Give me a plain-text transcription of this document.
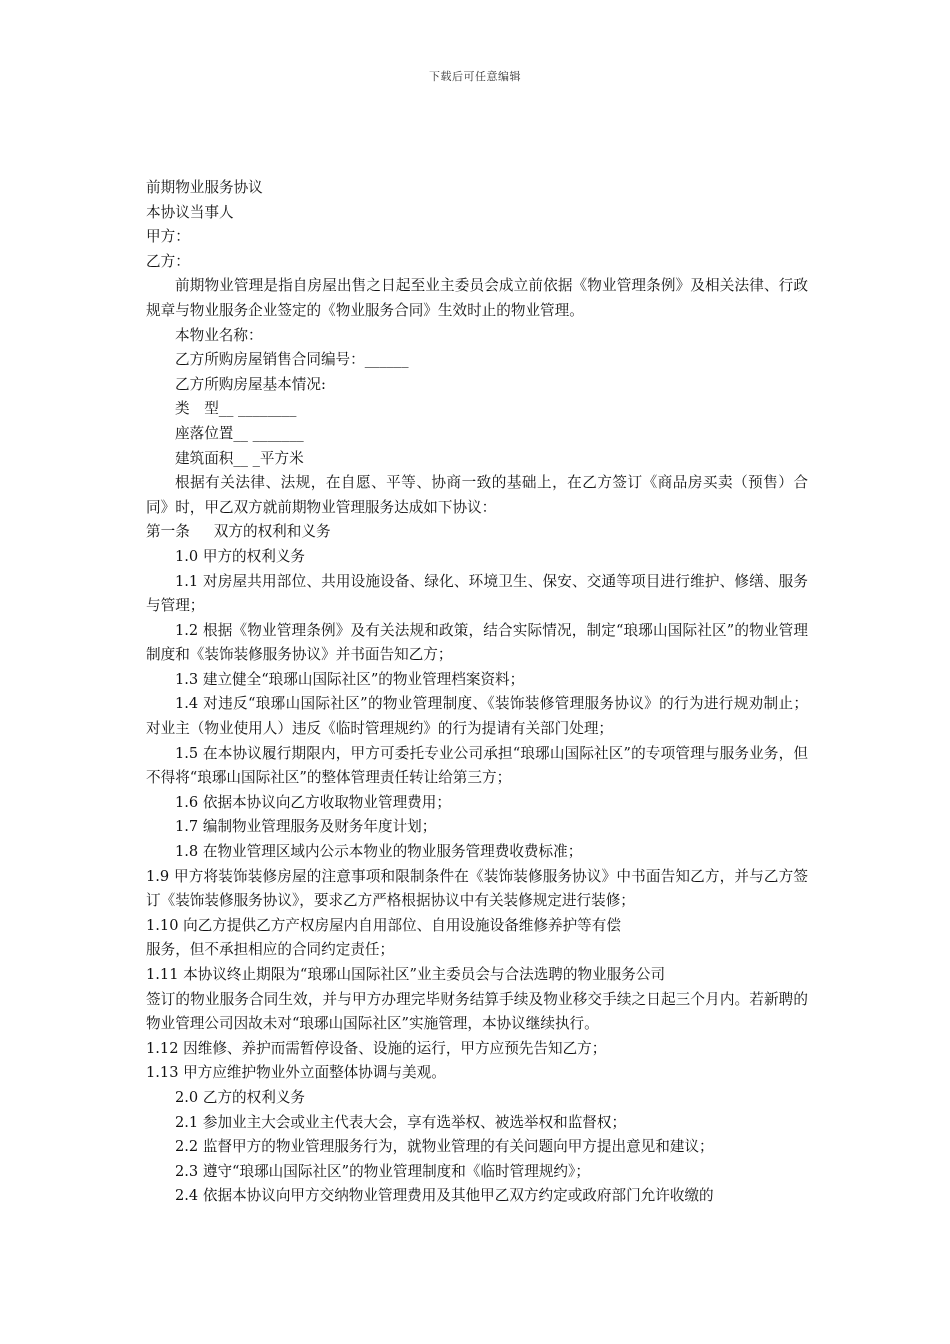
下载后可任意编辑
前期物业服务协议
本协议当事人
甲方：
乙方：
前期物业管理是指自房屋出售之日起至业主委员会成立前依据《物业管理条例》及相关法律、行政规章与物业服务企业签定的《物业服务合同》生效时止的物业管理。
本物业名称：
乙方所购房屋销售合同编号：______
乙方所购房屋基本情况:
类　型__ ________
座落位置__ _______
建筑面积__ _平方米
根据有关法律、法规，在自愿、平等、协商一致的基础上，在乙方签订《商品房买卖（预售）合同》时，甲乙双方就前期物业管理服务达成如下协议：
第一条 双方的权利和义务
1.0 甲方的权利义务
1.1 对房屋共用部位、共用设施设备、绿化、环境卫生、保安、交通等项目进行维护、修缮、服务与管理；
1.2 根据《物业管理条例》及有关法规和政策，结合实际情况，制定“琅琊山国际社区”的物业管理制度和《装饰装修服务协议》并书面告知乙方；
1.3 建立健全“琅琊山国际社区”的物业管理档案资料；
1.4 对违反“琅琊山国际社区”的物业管理制度、《装饰装修管理服务协议》的行为进行规劝制止；对业主（物业使用人）违反《临时管理规约》的行为提请有关部门处理；
1.5 在本协议履行期限内，甲方可委托专业公司承担“琅琊山国际社区”的专项管理与服务业务，但不得将“琅琊山国际社区”的整体管理责任转让给第三方；
1.6 依据本协议向乙方收取物业管理费用；
1.7 编制物业管理服务及财务年度计划；
1.8 在物业管理区域内公示本物业的物业服务管理费收费标准；
1.9 甲方将装饰装修房屋的注意事项和限制条件在《装饰装修服务协议》中书面告知乙方，并与乙方签订《装饰装修服务协议》，要求乙方严格根据协议中有关装修规定进行装修；
1.10 向乙方提供乙方产权房屋内自用部位、自用设施设备维修养护等有偿
服务，但不承担相应的合同约定责任；
1.11 本协议终止期限为“琅琊山国际社区”业主委员会与合法选聘的物业服务公司
签订的物业服务合同生效，并与甲方办理完毕财务结算手续及物业移交手续之日起三个月内。若新聘的物业管理公司因故未对“琅琊山国际社区”实施管理，本协议继续执行。
1.12 因维修、养护而需暂停设备、设施的运行，甲方应预先告知乙方；
1.13 甲方应维护物业外立面整体协调与美观。
2.0 乙方的权利义务
2.1 参加业主大会或业主代表大会，享有选举权、被选举权和监督权；
2.2 监督甲方的物业管理服务行为，就物业管理的有关问题向甲方提出意见和建议；
2.3 遵守“琅琊山国际社区”的物业管理制度和《临时管理规约》；
2.4 依据本协议向甲方交纳物业管理费用及其他甲乙双方约定或政府部门允许收缴的
